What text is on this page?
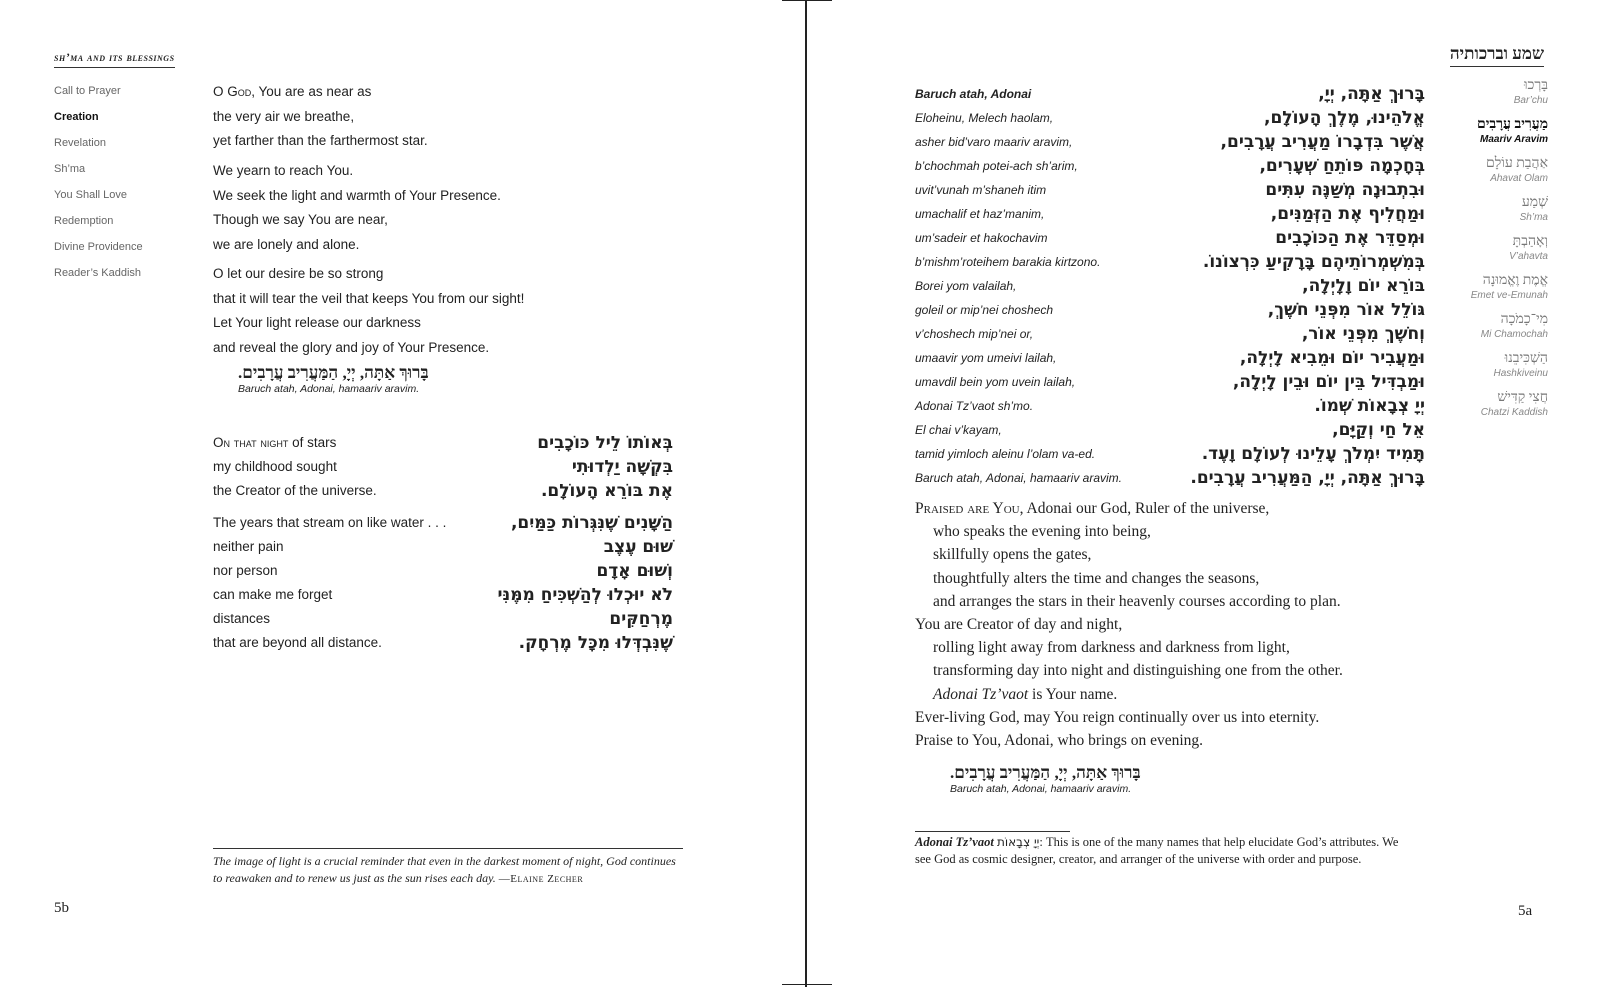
sh’ma and its blessings
Call to Prayer
Creation
Revelation
Sh’ma
You Shall Love
Redemption
Divine Providence
Reader’s Kaddish
O God, You are as near as
the very air we breathe,
yet farther than the farthermost star.
We yearn to reach You.
We seek the light and warmth of Your Presence.
Though we say You are near,
we are lonely and alone.
O let our desire be so strong
that it will tear the veil that keeps You from our sight!
Let Your light release our darkness
and reveal the glory and joy of Your Presence.
בָּרוּךְ אַתָּה, יְיָ, הַמַּעֲרִיב עֲרָבִים.
Baruch atah, Adonai, hamaariv aravim.
On that night of stars	בְּאוֹתוֹ לֵיל כּוֹכָבִים
my childhood sought	בִּקְשָׁה יַלְדוּתִי
the Creator of the universe.	אֶת בּוֹרֵא הָעוֹלָם.
The years that stream on like water . . .	הַשָּׁנִים שֶׁנִּגְּרוֹת כַּמַּיִם,
neither pain	שׁוּם עֶצֶב
nor person	וְשׁוּם אָדָם
can make me forget	לֹא יוּכְלוּ לְהַשְׁכִּיחַ מִמֶּנִּי
distances	מֶרְחַקִּים
that are beyond all distance.	שֶׁנִּבְדְּלוּ מִכָּל מֶרְחָק.
The image of light is a crucial reminder that even in the darkest moment of night, God continues to reawaken and to renew us just as the sun rises each day. —Elaine Zecher
5b
שמע וברכותיה
בָּרְכוּ
Bar’chu
מַעֲרִיב עֲרָבִים
Maariv Aravim
אַהֲבַת עוֹלָם
Ahavat Olam
שְׁמַע
Sh’ma
וְאָהַבְתָּ
V’ahavta
אֱמֶת וֶאֱמוּנָה
Emet ve-Emunah
מִי־כָמֹכָה
Mi Chamochah
הַשְׁכִּיבֵנוּ
Hashkiveinu
חֲצִי קַדִּישׁ
Chatzi Kaddish
Baruch atah, Adonai	בָּרוּךְ אַתָּה, יְיָ,
Eloheinu, Melech haolam,	אֱלֹהֵינוּ, מֶלֶךְ הָעוֹלָם,
asher bid’varo maariv aravim,	אֲשֶׁר בִּדְבָרוֹ מַעֲרִיב עֲרָבִים,
b’chochmah potei-ach sh’arim,	בְּחָכְמָה פּוֹתֵחַ שְׁעָרִים,
uvit’vunah m’shaneh itim	וּבִתְבוּנָה מְשַׁנֶּה עִתִּים
umachalif et haz’manim,	וּמַחֲלִיף אֶת הַזְּמַנִּים,
um’sadeir et hakochavim	וּמְסַדֵּר אֶת הַכּוֹכָבִים
b’mishm’roteihem barakia kirtzono.	בְּמִשְׁמְרוֹתֵיהֶם בָּרָקִיעַ כִּרְצוֹנוֹ.
Borei yom valailah,	בּוֹרֵא יוֹם וָלָיְלָה,
goleil or mip’nei choshech	גּוֹלֵל אוֹר מִפְּנֵי חֹשֶׁךְ,
v’choshech mip’nei or,	וְחֹשֶׁךְ מִפְּנֵי אוֹר,
umaavir yom umeivi lailah,	וּמַעֲבִיר יוֹם וּמֵבִיא לָיְלָה,
umavdil bein yom uvein lailah,	וּמַבְדִּיל בֵּין יוֹם וּבֵין לָיְלָה,
Adonai Tz’vaot sh’mo.	יְיָ צְבָאוֹת שְׁמוֹ.
El chai v’kayam,	אֵל חַי וְקַיָּם,
tamid yimloch aleinu l’olam va-ed.	תָּמִיד יִמְלֹךְ עָלֵינוּ לְעוֹלָם וָעֶד.
Baruch atah, Adonai, hamaariv aravim.	בָּרוּךְ אַתָּה, יְיָ, הַמַּעֲרִיב עֲרָבִים.
Praised are You, Adonai our God, Ruler of the universe,
who speaks the evening into being,
skillfully opens the gates,
thoughtfully alters the time and changes the seasons,
and arranges the stars in their heavenly courses according to plan.
You are Creator of day and night,
rolling light away from darkness and darkness from light,
transforming day into night and distinguishing one from the other.
Adonai Tz’vaot is Your name.
Ever-living God, may You reign continually over us into eternity.
Praise to You, Adonai, who brings on evening.
בָּרוּךְ אַתָּה, יְיָ, הַמַּעֲרִיב עֲרָבִים.
Baruch atah, Adonai, hamaariv aravim.
Adonai Tz’vaot יְיָ צְבָאוֹת: This is one of the many names that help elucidate God’s attributes. We see God as cosmic designer, creator, and arranger of the universe with order and purpose.
5a
